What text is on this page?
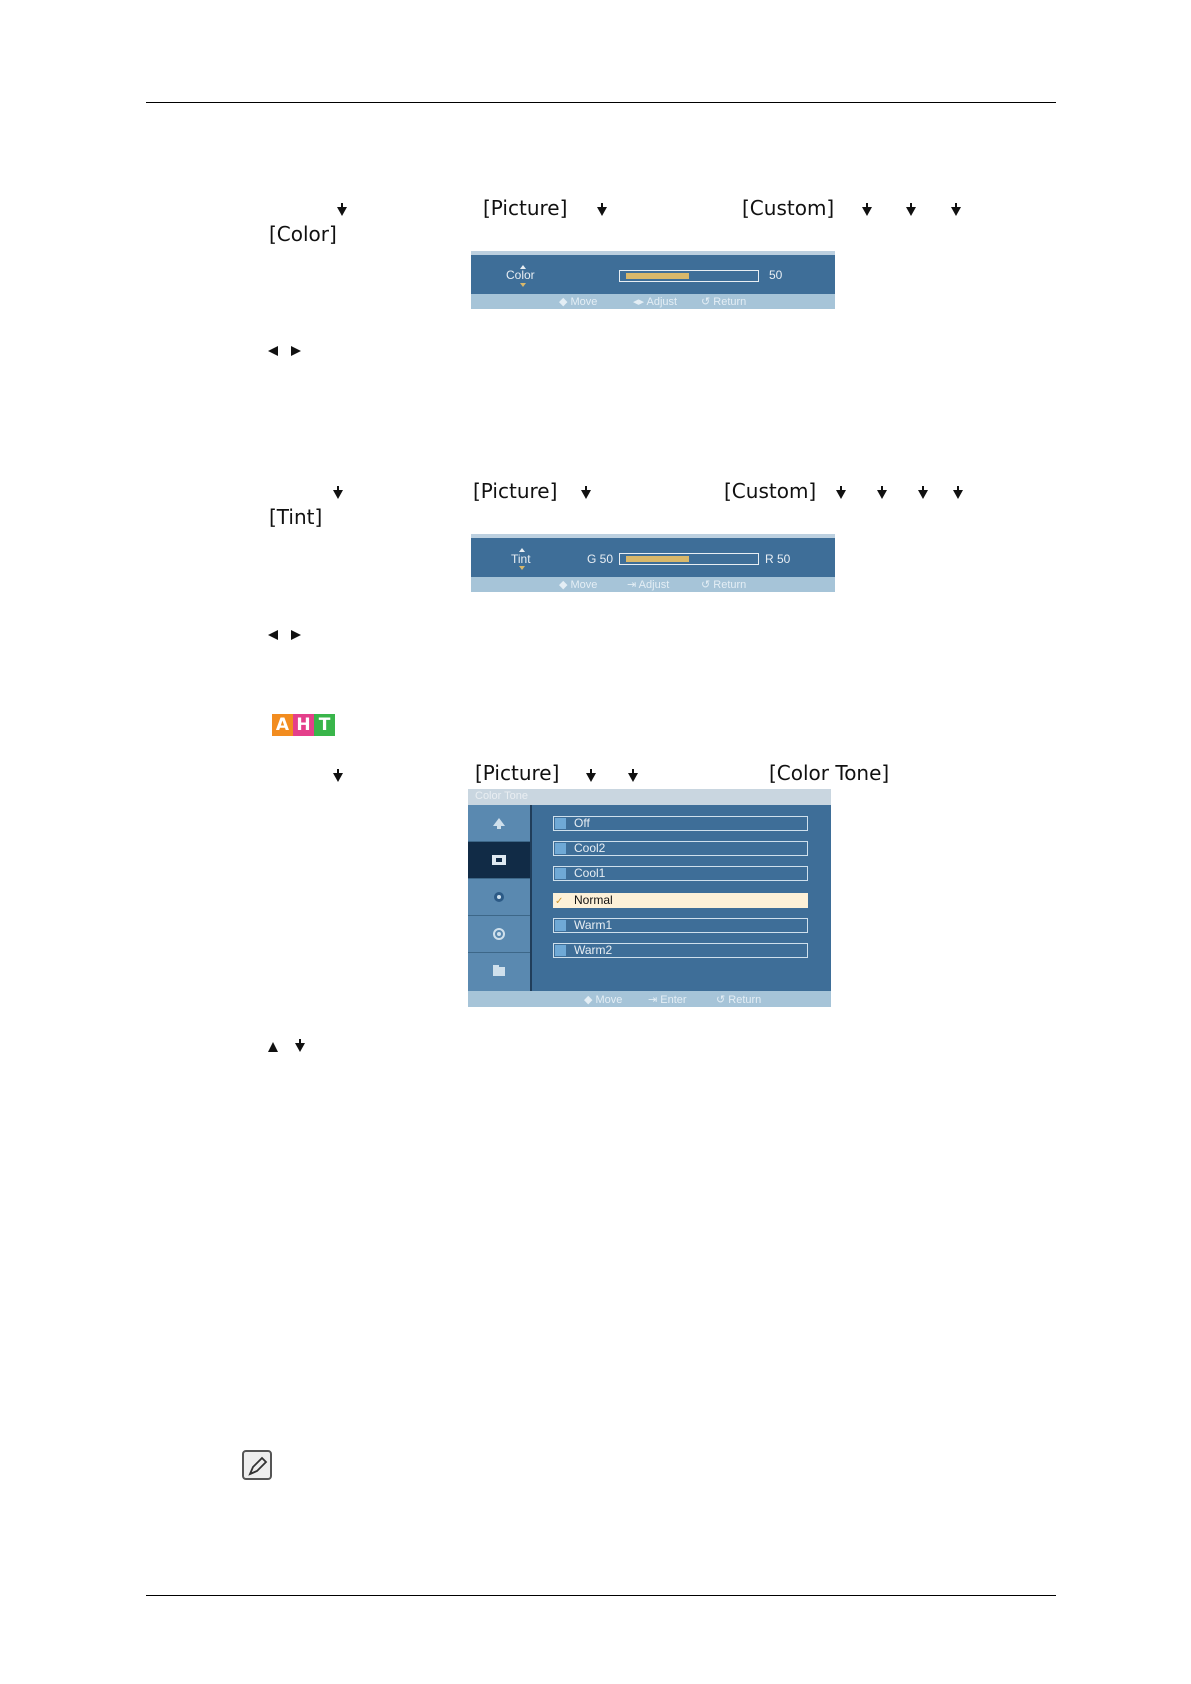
[Picture]	[Custom]
[Color]
Color	50
◆ Move	◂▸ Adjust ↺ Return
[Picture]	[Custom]
[Tint]
Tint	G 50	R 50
◆ Move	⇥ Adjust	↺ Return
A H T
[Picture]	[Color Tone]
Color Tone
Off
Cool2
Cool1
✓ Normal
Warm1
Warm2
◆ Move ⇥ Enter	↺ Return
